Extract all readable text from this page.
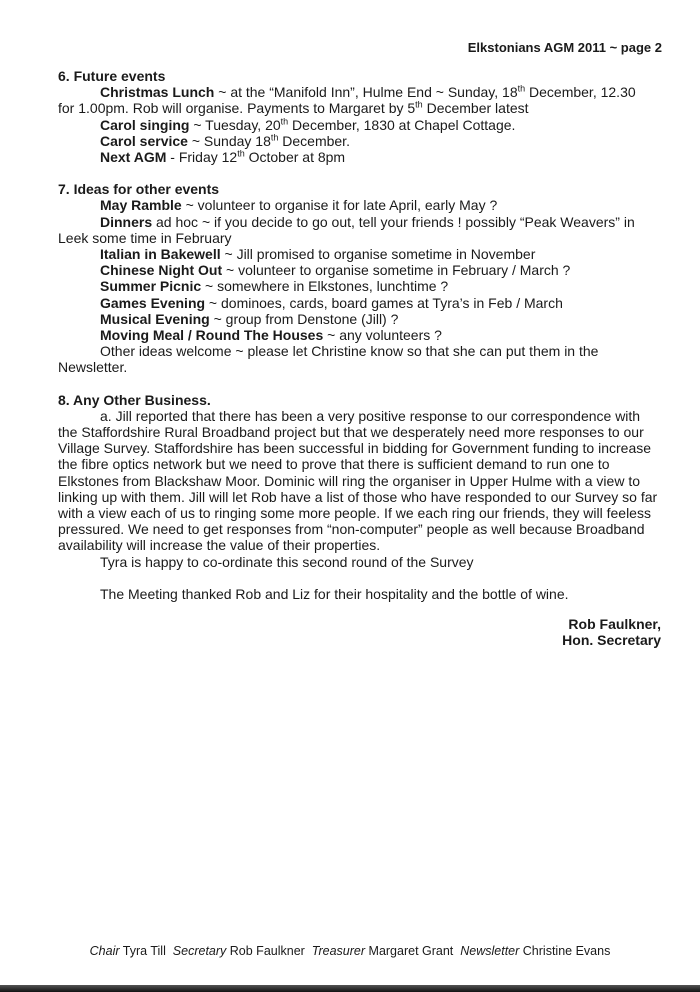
Elkstonians AGM 2011 ~ page 2
6. Future events

Christmas Lunch ~ at the “Manifold Inn”, Hulme End ~ Sunday, 18th December, 12.30

for 1.00pm. Rob will organise. Payments to Margaret by 5th December latest

Carol singing ~ Tuesday, 20th December, 1830 at Chapel Cottage.

Carol service ~ Sunday 18th December.

Next AGM - Friday 12th October at 8pm

7. Ideas for other events

May Ramble ~ volunteer to organise it for late April, early May ?

Dinners ad hoc ~ if you decide to go out, tell your friends ! possibly “Peak Weavers” in Leek some time in February

Italian in Bakewell ~ Jill promised to organise sometime in November

Chinese Night Out ~ volunteer to organise sometime in February / March ?

Summer Picnic ~ somewhere in Elkstones, lunchtime ?

Games Evening ~ dominoes, cards, board games at Tyra’s in Feb / March

Musical Evening ~ group from Denstone (Jill) ?

Moving Meal / Round The Houses ~ any volunteers ?

Other ideas welcome ~ please let Christine know so that she can put them in the Newsletter.

8. Any Other Business.

a. Jill reported that there has been a very positive response to our correspondence with the Staffordshire Rural Broadband project but that we desperately need more responses to our Village Survey. Staffordshire has been successful in bidding for Government funding to increase the fibre optics network but we need to prove that there is sufficient demand to run one to Elkstones from Blackshaw Moor. Dominic will ring the organiser in Upper Hulme with a view to linking up with them. Jill will let Rob have a list of those who have responded to our Survey so far with a view each of us to ringing some more people. If we each ring our friends, they will feeless pressured. We need to get responses from “non-computer” people as well because Broadband availability will increase the value of their properties.

Tyra is happy to co-ordinate this second round of the Survey

The Meeting thanked Rob and Liz for their hospitality and the bottle of wine.

Rob Faulkner,
Hon. Secretary
Chair Tyra Till Secretary Rob Faulkner Treasurer Margaret Grant Newsletter Christine Evans
